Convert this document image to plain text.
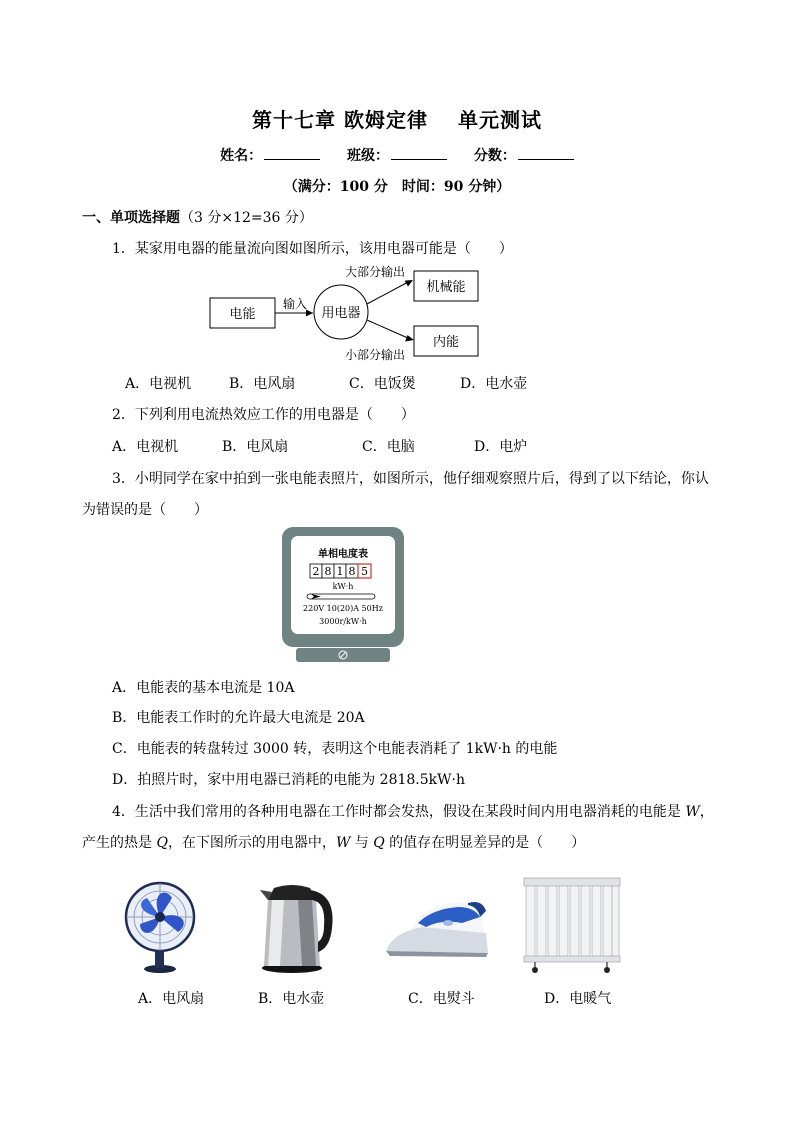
第十七章 欧姆定律 单元测试
姓名：	班级：	分数：
（满分：100 分　时间：90 分钟）
一、单项选择题（3 分×12=36 分）
1．某家用电器的能量流向图如图所示，该用电器可能是（　　）
电能
输入
用电器
大部分输出
机械能
小部分输出
内能
A．电视机	B．电风扇	C．电饭煲	D．电水壶
2．下列利用电流热效应工作的用电器是（　　）
A．电视机	B．电风扇	C．电脑	D．电炉
3．小明同学在家中拍到一张电能表照片，如图所示，他仔细观察照片后，得到了以下结论，你认
为错误的是（　　）
单相电度表
2 8 1 8 5
kW·h
220V 10(20)A 50Hz
3000r/kW·h
A．电能表的基本电流是 10A
B．电能表工作时的允许最大电流是 20A
C．电能表的转盘转过 3000 转，表明这个电能表消耗了 1kW·h 的电能
D．拍照片时，家中用电器已消耗的电能为 2818.5kW·h
4．生活中我们常用的各种用电器在工作时都会发热，假设在某段时间内用电器消耗的电能是 W，
产生的热是 Q，在下图所示的用电器中，W 与 Q 的值存在明显差异的是（　　）
A．电风扇	B．电水壶	C．电熨斗	D．电暖气
